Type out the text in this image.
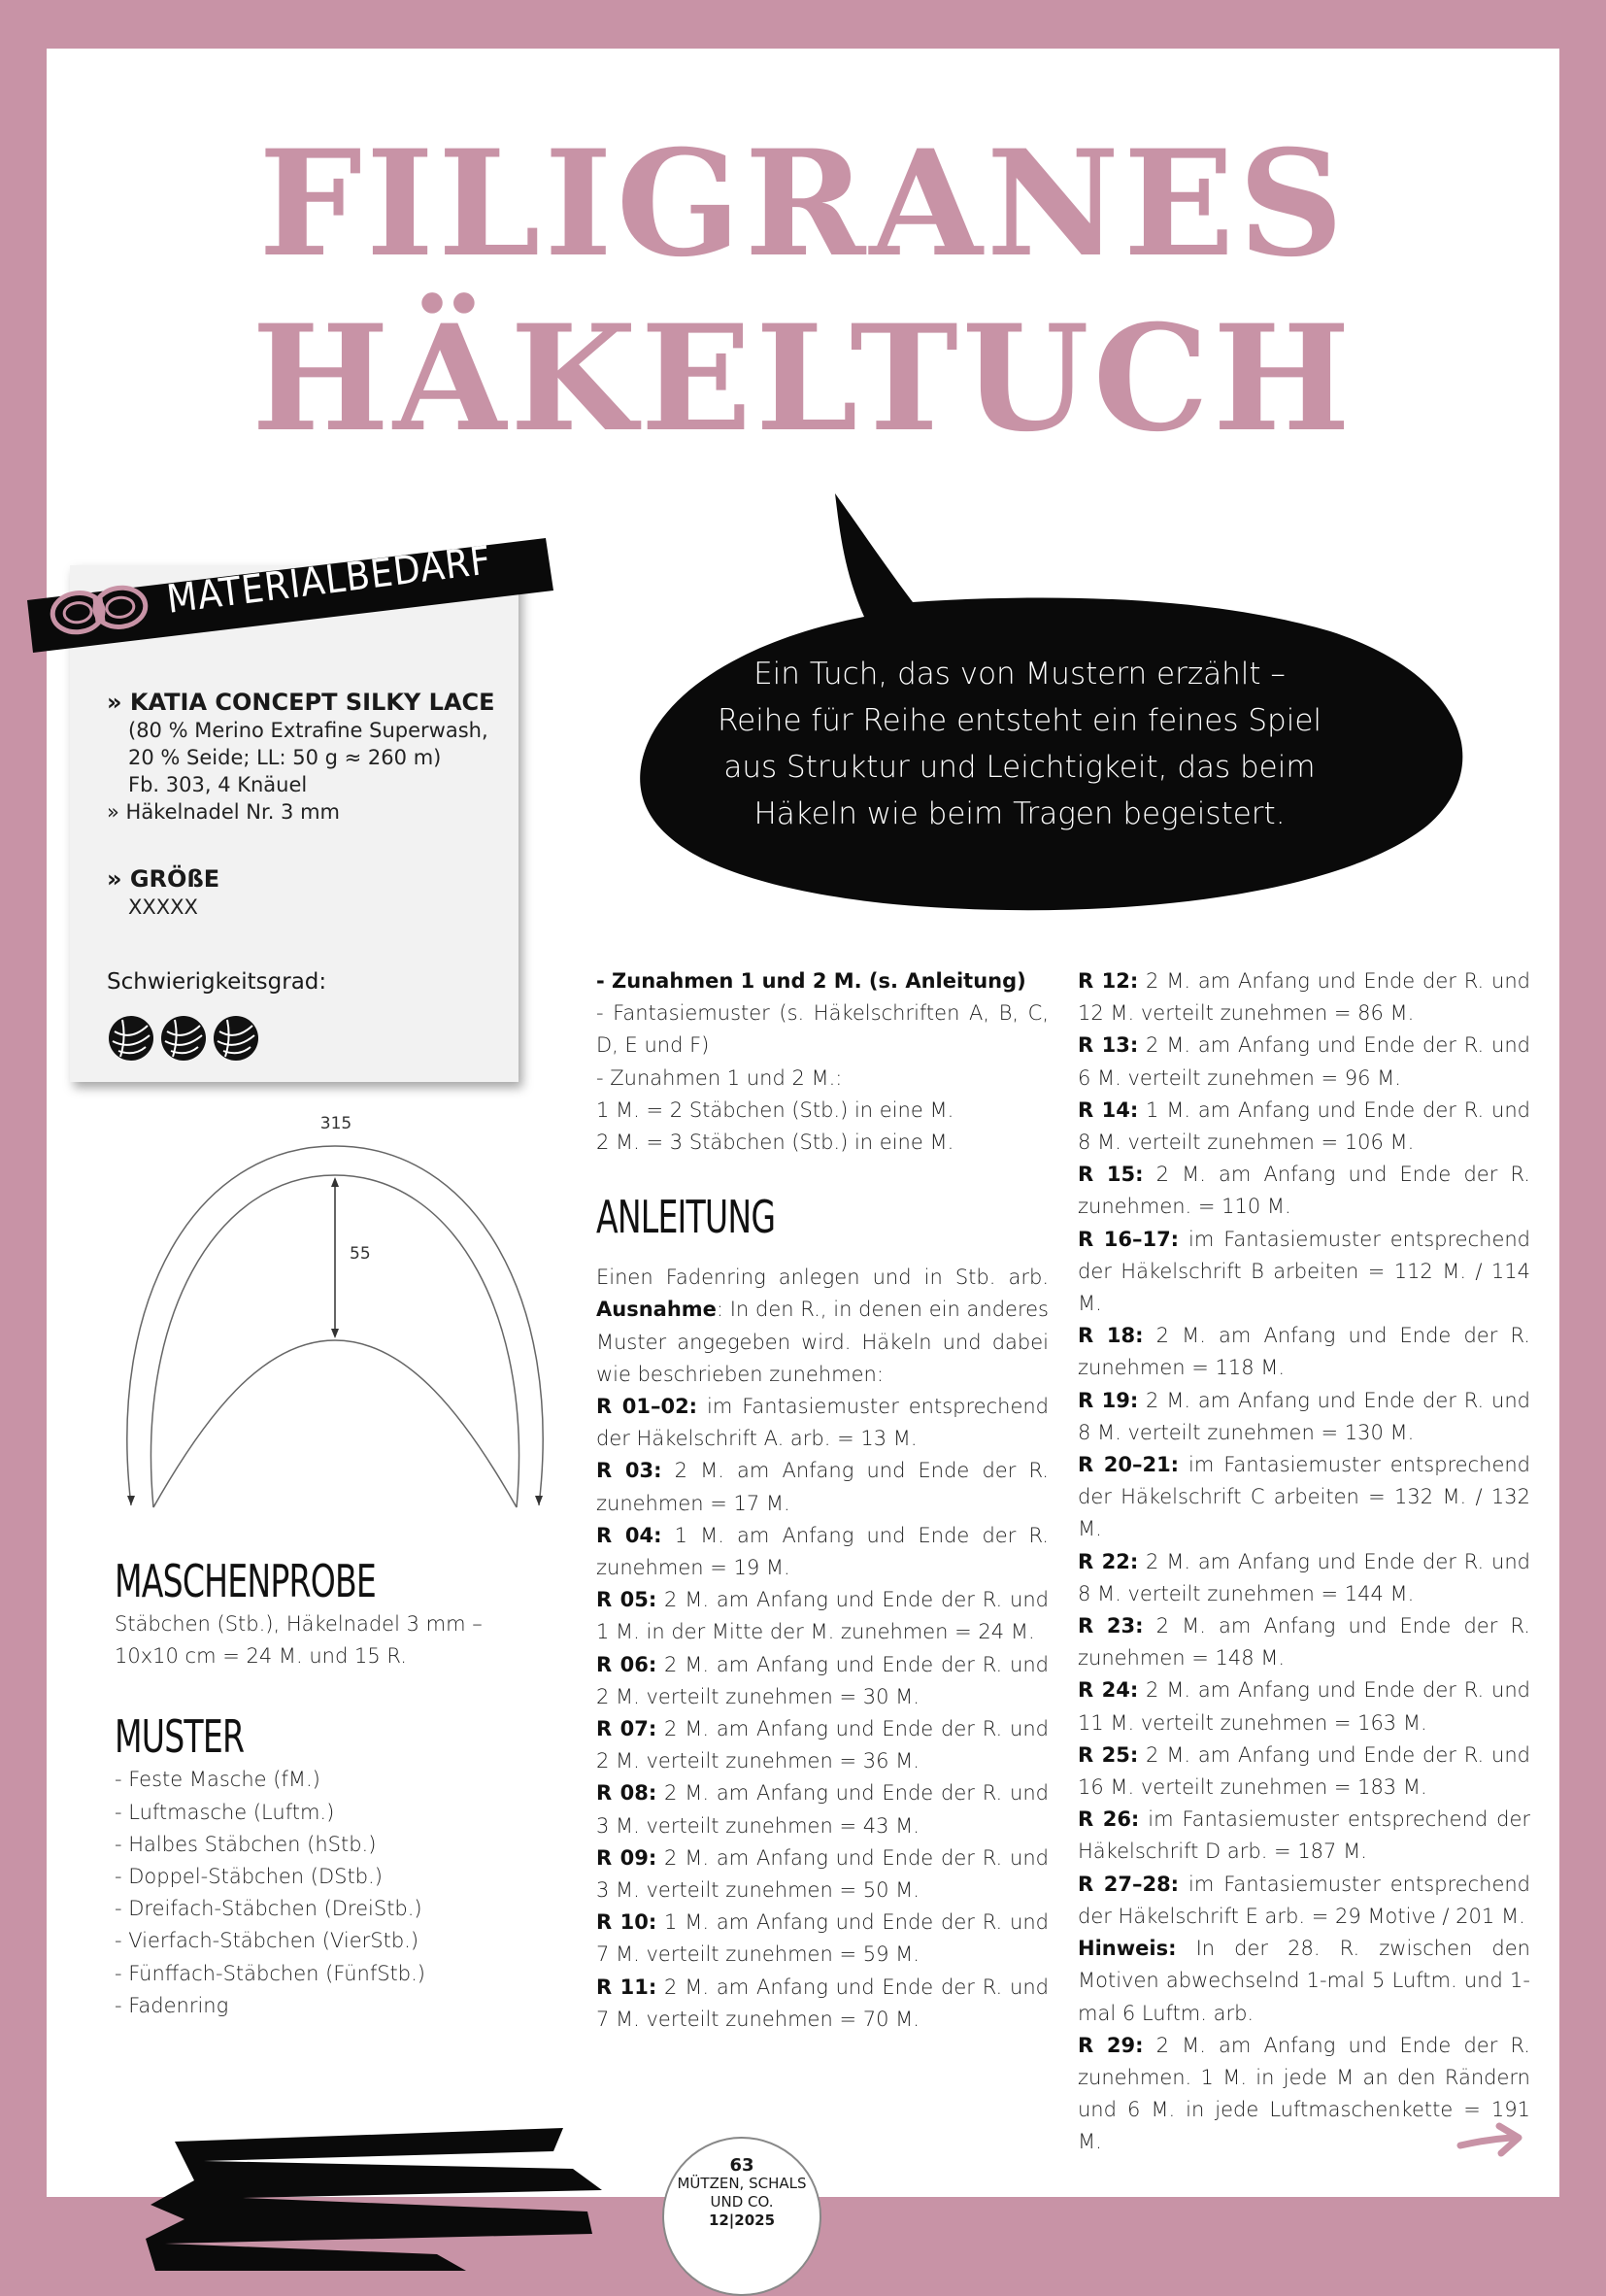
FILIGRANES
HÄKELTUCH
Ein Tuch, das von Mustern erzählt –
Reihe für Reihe entsteht ein feines Spiel
aus Struktur und Leichtigkeit, das beim
Häkeln wie beim Tragen begeistert.
MATERIALBEDARF
» KATIA CONCEPT SILKY LACE
(80 % Merino Extrafine Superwash,
20 % Seide; LL: 50 g ≈ 260 m)
Fb. 303, 4 Knäuel
» Häkelnadel Nr. 3 mm
» GRÖßE
XXXXX
Schwierigkeitsgrad:
315
55
MASCHENPROBE
Stäbchen (Stb.), Häkelnadel 3 mm –
10x10 cm = 24 M. und 15 R.
MUSTER
- Feste Masche (fM.)
- Luftmasche (Luftm.)
- Halbes Stäbchen (hStb.)
- Doppel-Stäbchen (DStb.)
- Dreifach-Stäbchen (DreiStb.)
- Vierfach-Stäbchen (VierStb.)
- Fünffach-Stäbchen (FünfStb.)
- Fadenring
- Zunahmen 1 und 2 M. (s. Anleitung)

- Fantasiemuster (s. Häkelschriften A, B, C, D, E und F)

- Zunahmen 1 und 2 M.:
1 M. = 2 Stäbchen (Stb.) in eine M.
2 M. = 3 Stäbchen (Stb.) in eine M.
ANLEITUNG

Einen Fadenring anlegen und in Stb. arb. Ausnahme: In den R., in denen ein anderes Muster angegeben wird. Häkeln und dabei wie beschrieben zunehmen:

R 01–02: im Fantasiemuster entsprechend der Häkelschrift A. arb. = 13 M.

R 03: 2 M. am Anfang und Ende der R. zunehmen = 17 M.

R 04: 1 M. am Anfang und Ende der R. zunehmen = 19 M.

R 05: 2 M. am Anfang und Ende der R. und 1 M. in der Mitte der M. zunehmen = 24 M.

R 06: 2 M. am Anfang und Ende der R. und 2 M. verteilt zunehmen = 30 M.

R 07: 2 M. am Anfang und Ende der R. und 2 M. verteilt zunehmen = 36 M.

R 08: 2 M. am Anfang und Ende der R. und 3 M. verteilt zunehmen = 43 M.

R 09: 2 M. am Anfang und Ende der R. und 3 M. verteilt zunehmen = 50 M.

R 10: 1 M. am Anfang und Ende der R. und 7 M. verteilt zunehmen = 59 M.

R 11: 2 M. am Anfang und Ende der R. und 7 M. verteilt zunehmen = 70 M.

R 12: 2 M. am Anfang und Ende der R. und 12 M. verteilt zunehmen = 86 M.

R 13: 2 M. am Anfang und Ende der R. und 6 M. verteilt zunehmen = 96 M.

R 14: 1 M. am Anfang und Ende der R. und 8 M. verteilt zunehmen = 106 M.

R 15: 2 M. am Anfang und Ende der R. zunehmen. = 110 M.

R 16–17: im Fantasiemuster entsprechend der Häkelschrift B arbeiten = 112 M. / 114 M.

R 18: 2 M. am Anfang und Ende der R. zunehmen = 118 M.

R 19: 2 M. am Anfang und Ende der R. und 8 M. verteilt zunehmen = 130 M.

R 20–21: im Fantasiemuster entsprechend der Häkelschrift C arbeiten = 132 M. / 132 M.

R 22: 2 M. am Anfang und Ende der R. und 8 M. verteilt zunehmen = 144 M.

R 23: 2 M. am Anfang und Ende der R. zunehmen = 148 M.

R 24: 2 M. am Anfang und Ende der R. und 11 M. verteilt zunehmen = 163 M.

R 25: 2 M. am Anfang und Ende der R. und 16 M. verteilt zunehmen = 183 M.

R 26: im Fantasiemuster entsprechend der Häkelschrift D arb. = 187 M.

R 27–28: im Fantasiemuster entsprechend der Häkelschrift E arb. = 29 Motive / 201 M.

Hinweis: In der 28. R. zwischen den Motiven abwechselnd 1-mal 5 Luftm. und 1-mal 6 Luftm. arb.

R 29: 2 M. am Anfang und Ende der R. zunehmen. 1 M. in jede M an den Rändern und 6 M. in jede Luftmaschenkette = 191 M.

63
MÜTZEN, SCHALS
UND CO.
12|2025
